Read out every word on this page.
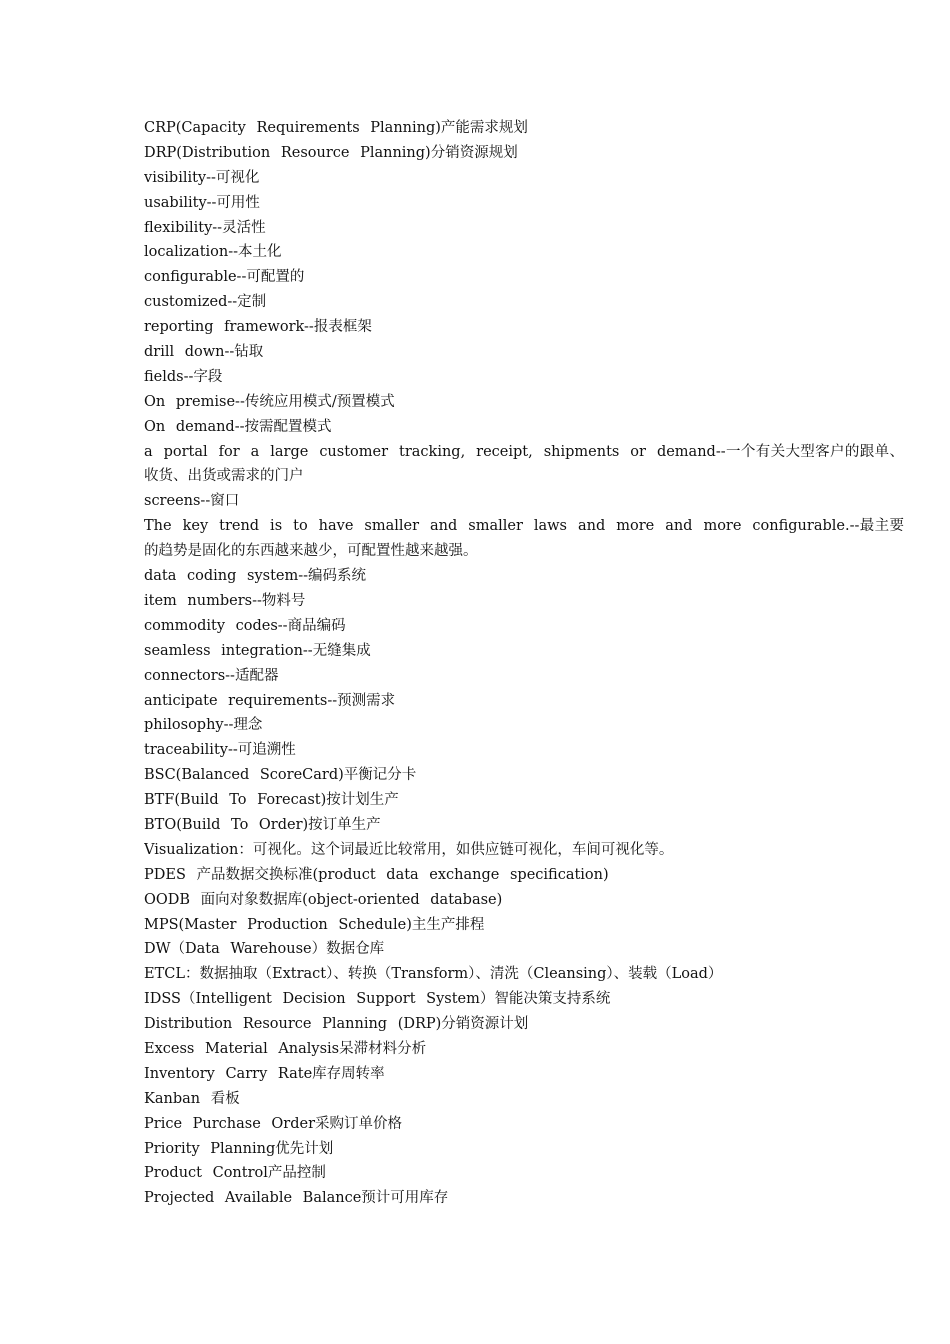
CRP(Capacity Requirements Planning)产能需求规划
DRP(Distribution Resource Planning)分销资源规划
visibility--可视化
usability--可用性
flexibility--灵活性
localization--本土化
configurable--可配置的
customized--定制
reporting framework--报表框架
drill down--钻取
fields--字段
On premise--传统应用模式/预置模式
On demand--按需配置模式
a portal for a large customer tracking, receipt, shipments or demand--一个有关大型客户的跟单、收货、出货或需求的门户
screens--窗口
The key trend is to have smaller and smaller laws and more and more configurable.--最主要的趋势是固化的东西越来越少，可配置性越来越强。
data coding system--编码系统
item numbers--物料号
commodity codes--商品编码
seamless integration--无缝集成
connectors--适配器
anticipate requirements--预测需求
philosophy--理念
traceability--可追溯性
BSC(Balanced ScoreCard)平衡记分卡
BTF(Build To Forecast)按计划生产
BTO(Build To Order)按订单生产
Visualization：可视化。这个词最近比较常用，如供应链可视化，车间可视化等。
PDES 产品数据交换标准(product data exchange specification)
OODB 面向对象数据库(object-oriented database)
MPS(Master Production Schedule)主生产排程
DW（Data Warehouse）数据仓库
ETCL：数据抽取（Extract）、转换（Transform）、清洗（Cleansing）、装载（Load）
IDSS（Intelligent Decision Support System）智能决策支持系统
Distribution Resource Planning (DRP)分销资源计划
Excess Material Analysis呆滞材料分析
Inventory Carry Rate库存周转率
Kanban 看板
Price Purchase Order采购订单价格
Priority Planning优先计划
Product Control产品控制
Projected Available Balance预计可用库存
